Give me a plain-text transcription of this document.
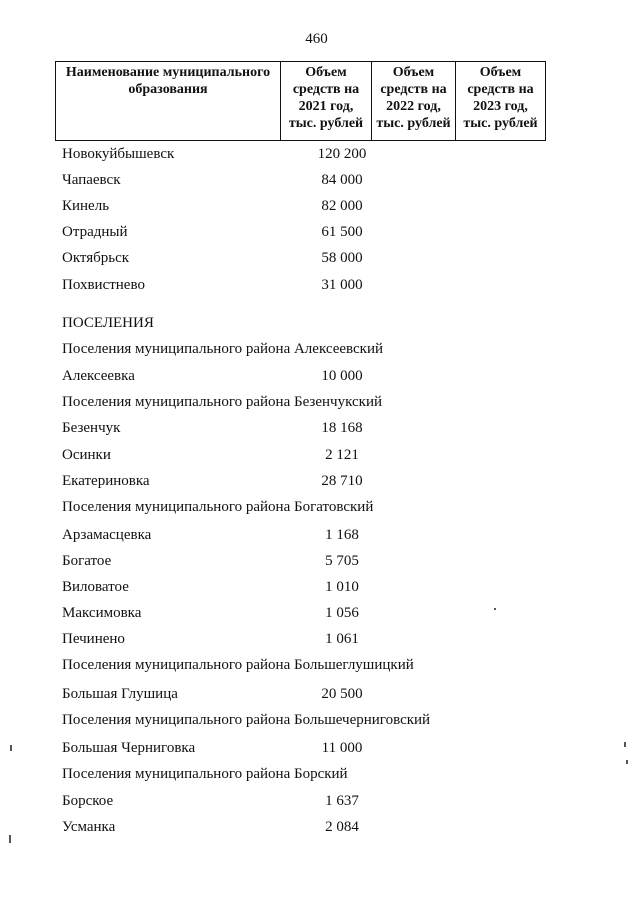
460
Наименование муниципального образования	Объем средств на 2021 год, тыс. рублей	Объем средств на 2022 год, тыс. рублей	Объем средств на 2023 год, тыс. рублей
Новокуйбышевск	120 200
Чапаевск	84 000
Кинель	82 000
Отрадный	61 500
Октябрьск	58 000
Похвистнево	31 000
ПОСЕЛЕНИЯ
Поселения муниципального района Алексеевский
Алексеевка	10 000
Поселения муниципального района Безенчукский
Безенчук	18 168
Осинки	2 121
Екатериновка	28 710
Поселения муниципального района Богатовский
Арзамасцевка	1 168
Богатое	5 705
Виловатое	1 010
Максимовка	1 056
Печинено	1 061
Поселения муниципального района Большеглушицкий
Большая Глушица	20 500
Поселения муниципального района Большечерниговский
Большая Черниговка	11 000
Поселения муниципального района Борский
Борское	1 637
Усманка	2 084
